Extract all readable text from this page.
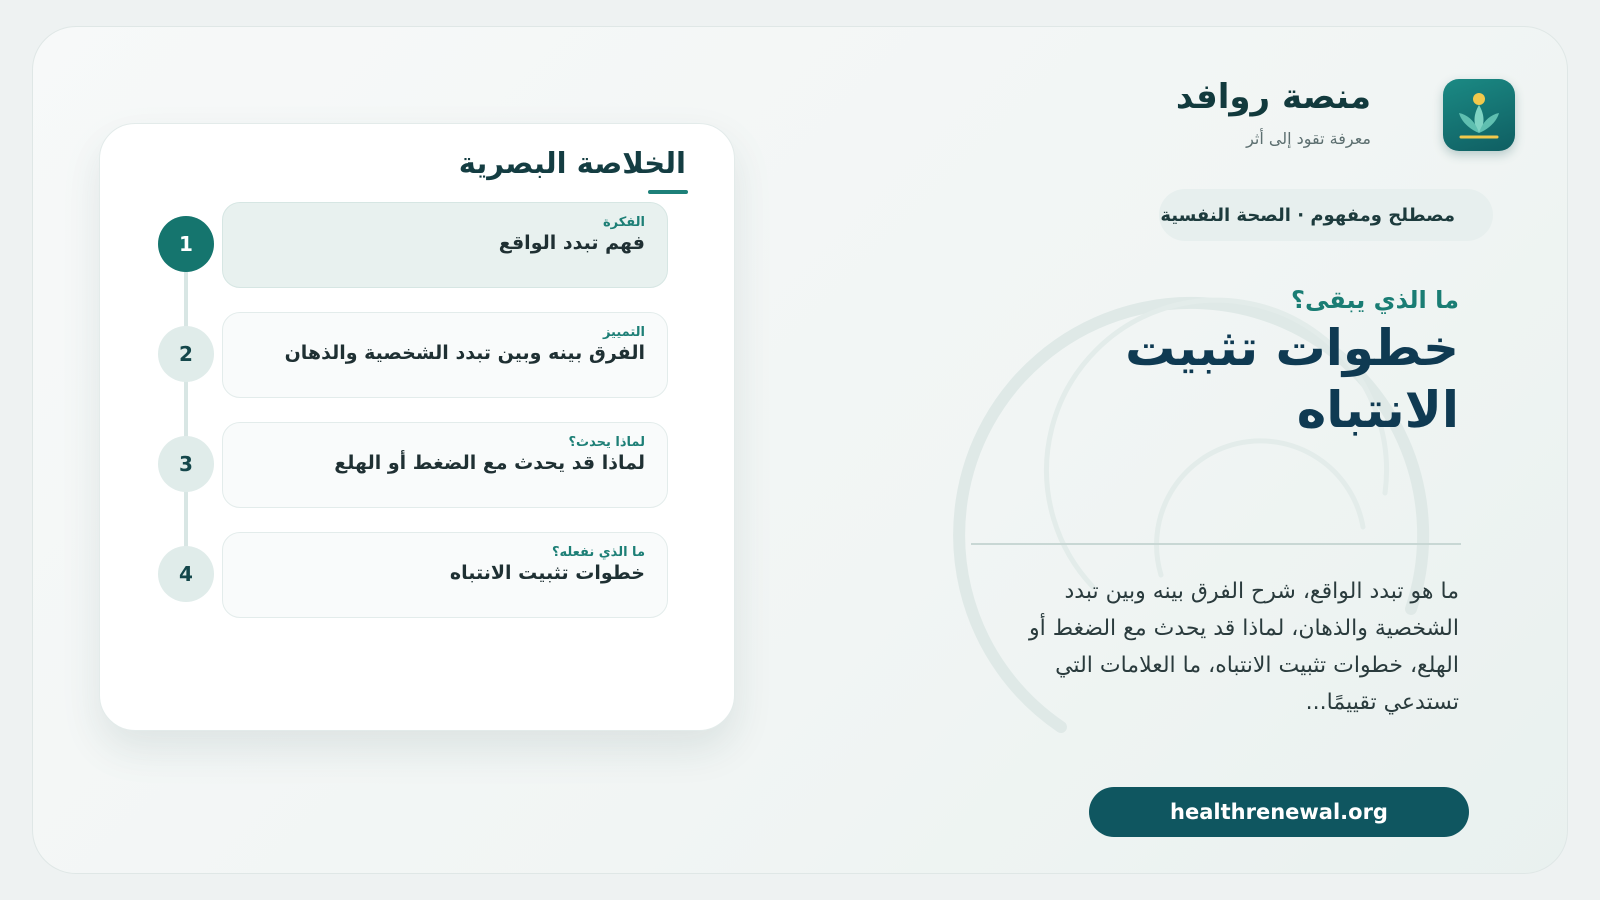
منصة روافد
معرفة تقود إلى أثر
مصطلح ومفهوم · الصحة النفسية
ما الذي يبقى؟
خطوات تثبيت الانتباه
ما هو تبدد الواقع، شرح الفرق بينه وبين تبدد الشخصية والذهان، لماذا قد يحدث مع الضغط أو الهلع، خطوات تثبيت الانتباه، ما العلامات التي تستدعي تقييمًا...
healthrenewal.org
الخلاصة البصرية
1
الفكرة
فهم تبدد الواقع
2
التمييز
الفرق بينه وبين تبدد الشخصية والذهان
3
لماذا يحدث؟
لماذا قد يحدث مع الضغط أو الهلع
4
ما الذي نفعله؟
خطوات تثبيت الانتباه
